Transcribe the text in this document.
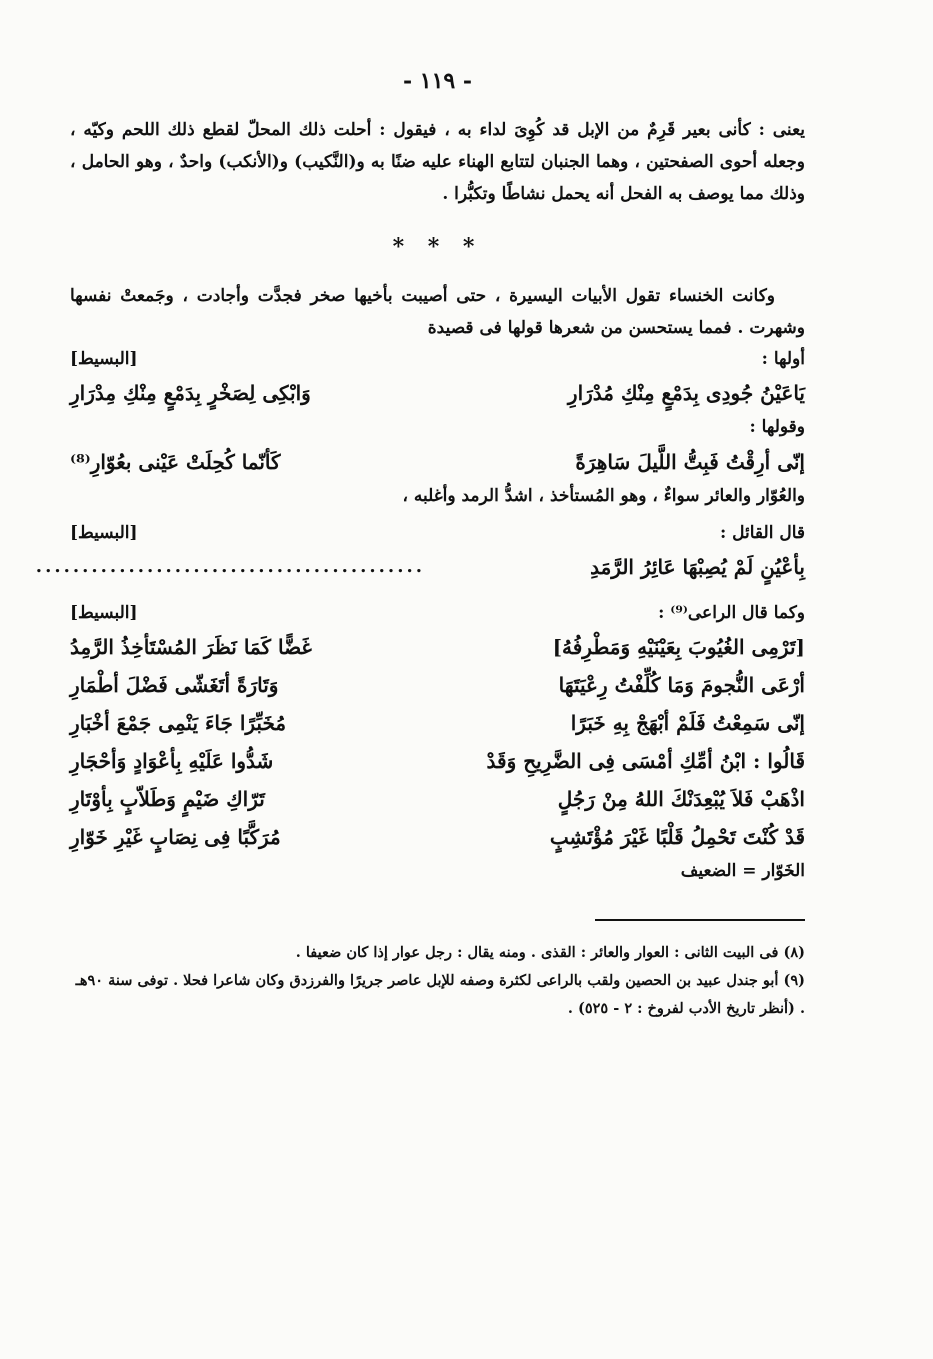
- ١١٩ -

يعنى : كأنى بعير قَرِمٌ من الإبل قد كُوِىَ لداء به ، فيقول : أحلت ذلك المحلّ لقطع ذلك اللحم وكيّه ، وجعله أحوى الصفحتين ، وهما الجنبان لتتابع الهناء عليه ضنًا به و(النَّكيب) و(الأنكب) واحدٌ ، وهو الحامل ، وذلك مما يوصف به الفحل أنه يحمل نشاطًا وتكبُّرا .

* * *

وكانت الخنساء تقول الأبيات اليسيرة ، حتى أصيبت بأخيها صخر فجدَّت وأجادت ، وجَمعتْ نفسها وشهرت . فمما يستحسن من شعرها قولها فى قصيدة

أولها :
[البسيط]
يَاعَيْنُ جُودِى بِدَمْعٍ مِنْكِ مُدْرَارِ
وَابْكِى لِصَخْرٍ بِدَمْعٍ مِنْكِ مِدْرَارِ
وقولها :
إنّى أرِقْتُ فَبِتُّ اللَّيلَ سَاهِرَةً
كَأنّما كُحِلَتْ عَيْنى بعُوّارِ⁽⁸⁾
والعُوّار والعائر سواءٌ ، وهو المُستأخذ ، اشدُّ الرمد وأغلبه ،
قال القائل :
[البسيط]
بِأعْيُنٍ لَمْ يُصِبْهَا عَائِرُ الرَّمَدِ
..........................................
وكما قال الراعى⁽⁹⁾ :
[البسيط]
[تَرْمِى الغُيُوبَ بِعَيْنَيْهِ وَمَطْرِفُهُ]
غَضًّا كَمَا نَظَرَ المُسْتَأخِذُ الرَّمِدُ
أرْعَى النُّجومَ وَمَا كُلِّفْتُ رِعْيَتَهَا
وَتَارَةً أتَغَشّى فَضْلَ أطْمَارِ
إنّى سَمِعْتُ فَلَمْ أبْهَجْ بِهِ خَبَرًا
مُخَبِّرًا جَاءَ يَنْمِى جَمْعَ أخْبَارِ
قَالُوا : ابْنُ أمِّكِ أمْسَى فِى الضَّرِيحِ وَقَدْ
شَدُّوا عَلَيْهِ بِأعْوَادٍ وَأحْجَارِ
اذْهَبْ فَلاَ يُبْعِدَنْكَ اللهُ مِنْ رَجُلٍ
تَرّاكِ ضَيْمٍ وَطَلاّبٍ بِأوْتَارِ
قَدْ كُنْتَ تَحْمِلُ قَلْبًا غَيْرَ مُؤْتَشِبٍ
مُرَكَّبًا فِى نِصَابٍ غَيْرِ خَوّارِ
الخَوّار = الضعيف
(٨) فى البيت الثانى : العوار والعائر : القذى . ومنه يقال : رجل عوار إذا كان ضعيفا .
(٩) أبو جندل عبيد بن الحصين ولقب بالراعى لكثرة وصفه للإبل عاصر جريرًا والفرزدق وكان شاعرا فحلا . توفى سنة ٩٠هـ . (أنظر تاريخ الأدب لفروخ : ٢ - ٥٢٥) .
